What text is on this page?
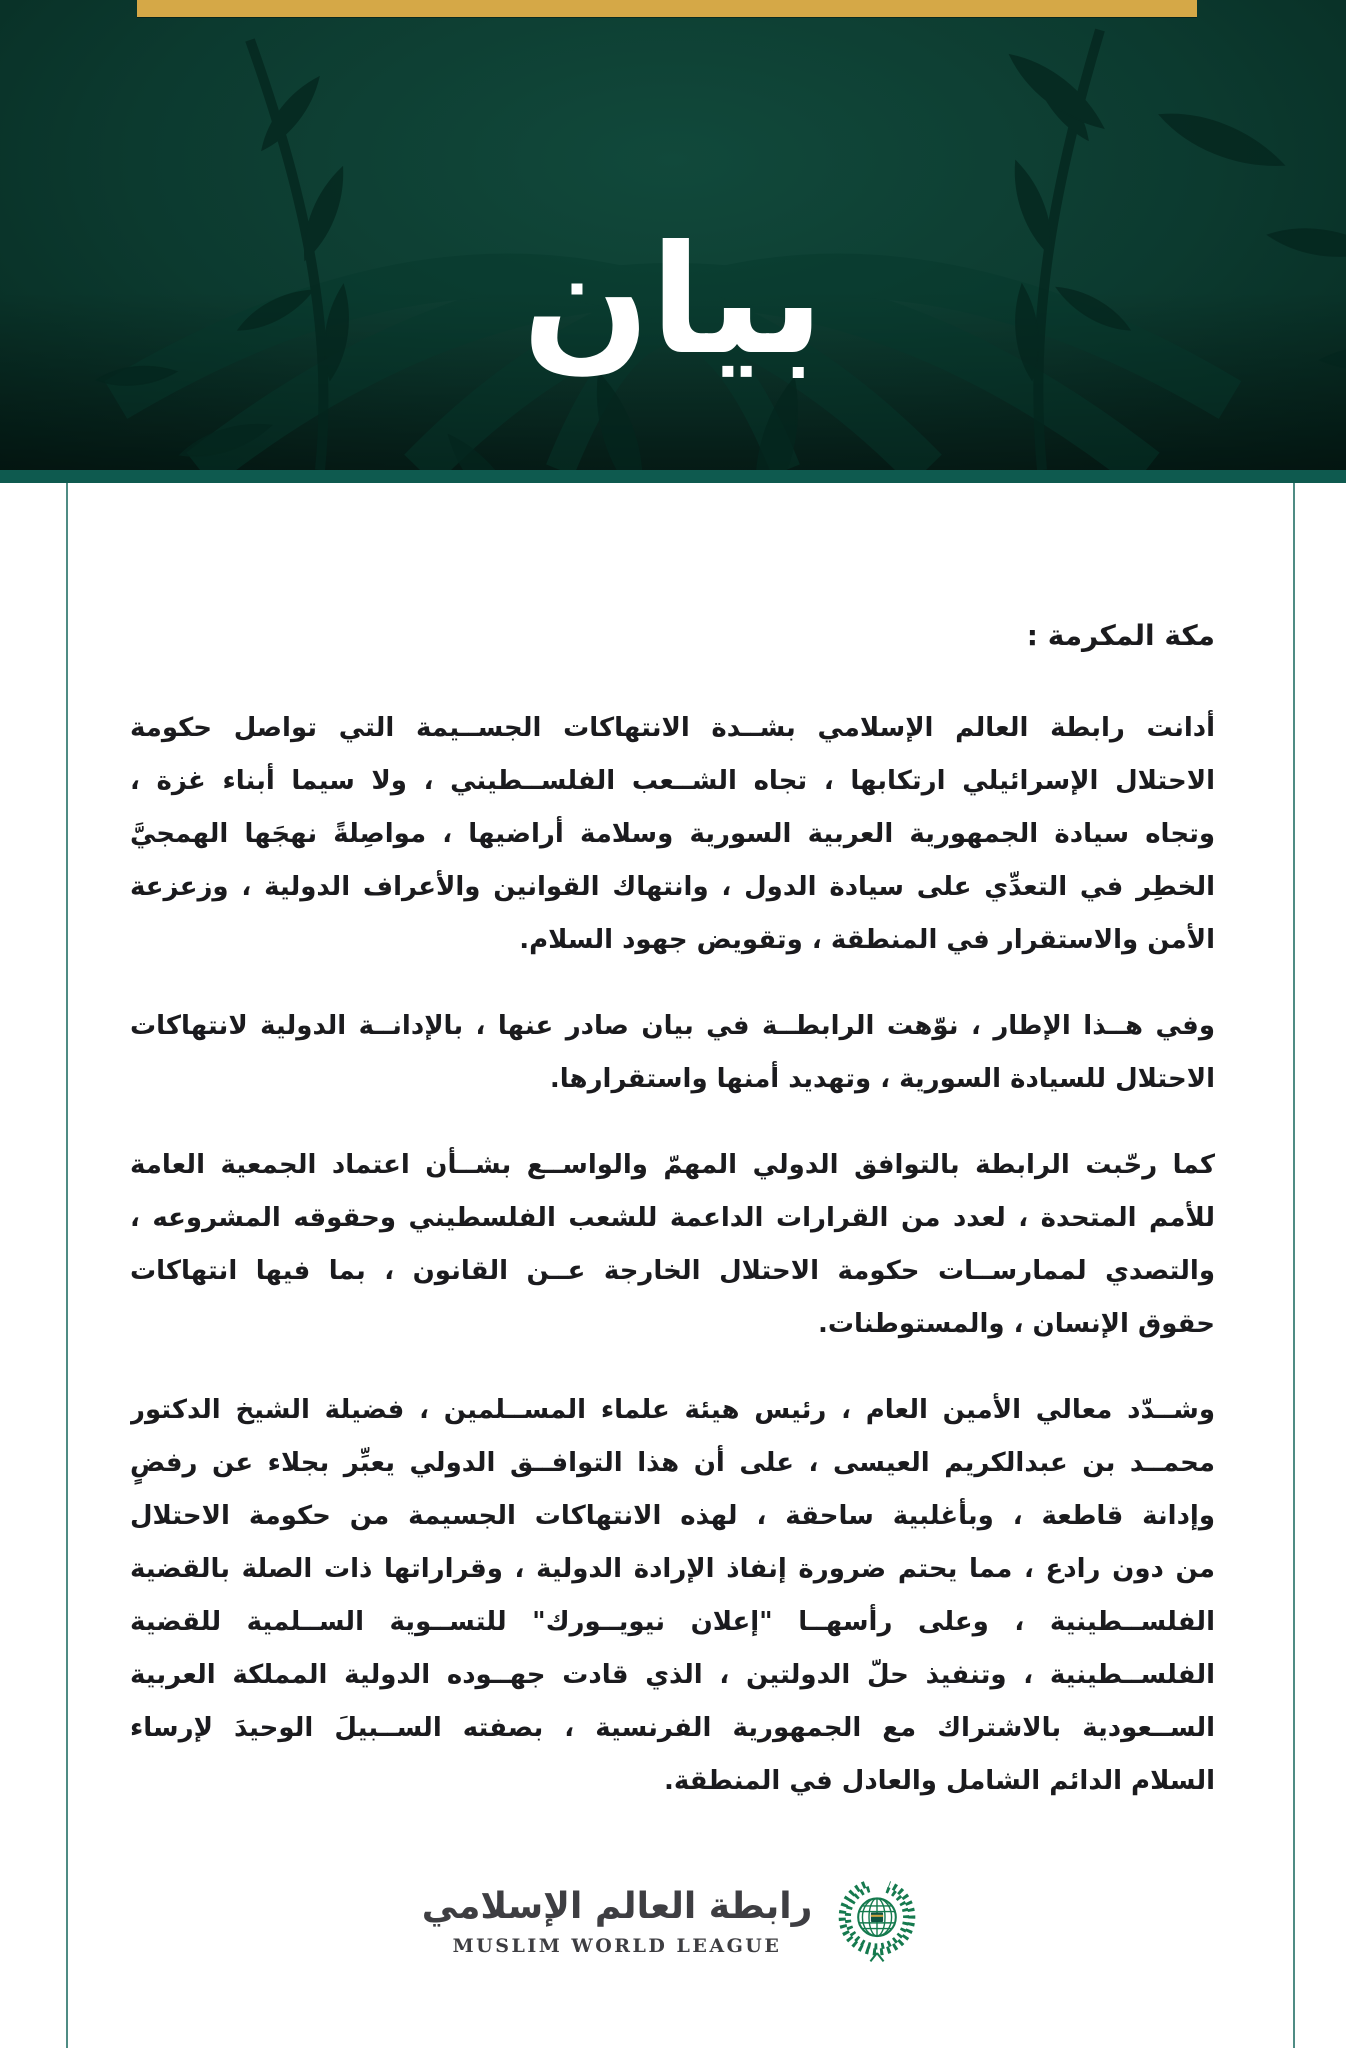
بيان
مكة المكرمة :
أدانت رابطة العالم الإسلامي بشــدة الانتهاكات الجســيمة التي تواصل حكومة
الاحتلال الإسرائيلي ارتكابها ، تجاه الشــعب الفلســطيني ، ولا سيما أبناء غزة ،
وتجاه سيادة الجمهورية العربية السورية وسلامة أراضيها ، مواصِلةً نهجَها الهمجيَّ
الخطِر في التعدِّي على سيادة الدول ، وانتهاك القوانين والأعراف الدولية ، وزعزعة
الأمن والاستقرار في المنطقة ، وتقويض جهود السلام.
وفي هــذا الإطار ، نوّهت الرابطــة في بيان صادر عنها ، بالإدانــة الدولية لانتهاكات
الاحتلال للسيادة السورية ، وتهديد أمنها واستقرارها.
كما رحّبت الرابطة بالتوافق الدولي المهمّ والواســع بشــأن اعتماد الجمعية العامة
للأمم المتحدة ، لعدد من القرارات الداعمة للشعب الفلسطيني وحقوقه المشروعه ،
والتصدي لممارســات حكومة الاحتلال الخارجة عــن القانون ، بما فيها انتهاكات
حقوق الإنسان ، والمستوطنات.
وشــدّد معالي الأمين العام ، رئيس هيئة علماء المســلمين ، فضيلة الشيخ الدكتور
محمــد بن عبدالكريم العيسى ، على أن هذا التوافــق الدولي يعبِّر بجلاء عن رفضٍ
وإدانة قاطعة ، وبأغلبية ساحقة ، لهذه الانتهاكات الجسيمة من حكومة الاحتلال
من دون رادع ، مما يحتم ضرورة إنفاذ الإرادة الدولية ، وقراراتها ذات الصلة بالقضية
الفلســطينية ، وعلى رأسهــا "إعلان نيويــورك" للتســوية الســلمية للقضية
الفلســطينية ، وتنفيذ حلّ الدولتين ، الذي قادت جهــوده الدولية المملكة العربية
الســعودية بالاشتراك مع الجمهورية الفرنسية ، بصفته الســبيلَ الوحيدَ لإرساء
السلام الدائم الشامل والعادل في المنطقة.
رابطة العالم الإسلامي
MUSLIM WORLD LEAGUE
